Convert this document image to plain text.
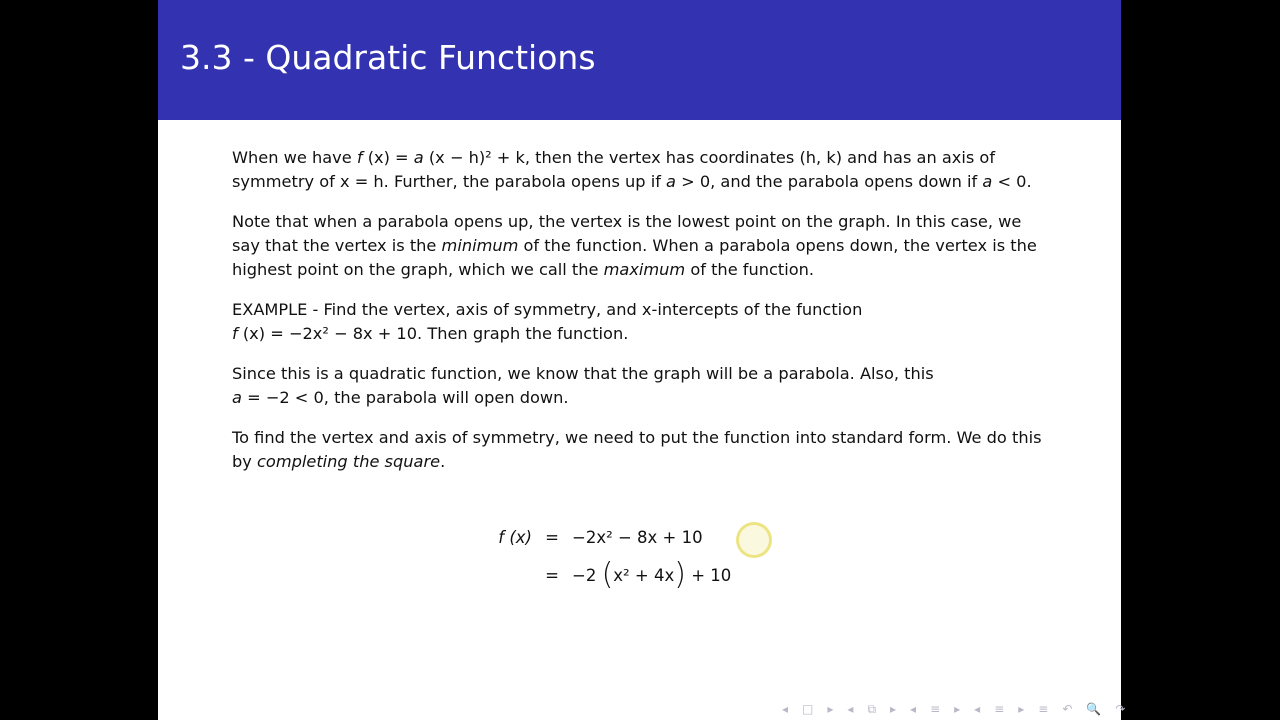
3.3 - Quadratic Functions

When we have f (x) = a (x − h)² + k, then the vertex has coordinates (h, k) and has an axis of symmetry of x = h. Further, the parabola opens up if a > 0, and the parabola opens down if a < 0.

Note that when a parabola opens up, the vertex is the lowest point on the graph. In this case, we say that the vertex is the minimum of the function. When a parabola opens down, the vertex is the highest point on the graph, which we call the maximum of the function.

EXAMPLE - Find the vertex, axis of symmetry, and x-intercepts of the function
f (x) = −2x² − 8x + 10. Then graph the function.

Since this is a quadratic function, we know that the graph will be a parabola. Also, this
a = −2 < 0, the parabola will open down.

To find the vertex and axis of symmetry, we need to put the function into standard form. We do this by completing the square.

f (x) = −2x² − 8x + 10
= −2
( x² + 4x )
+ 10
◂ □ ▸ ◂ ⧉ ▸ ◂ ≡ ▸ ◂ ≡ ▸ ≡ ↶ 🔍 ↷
